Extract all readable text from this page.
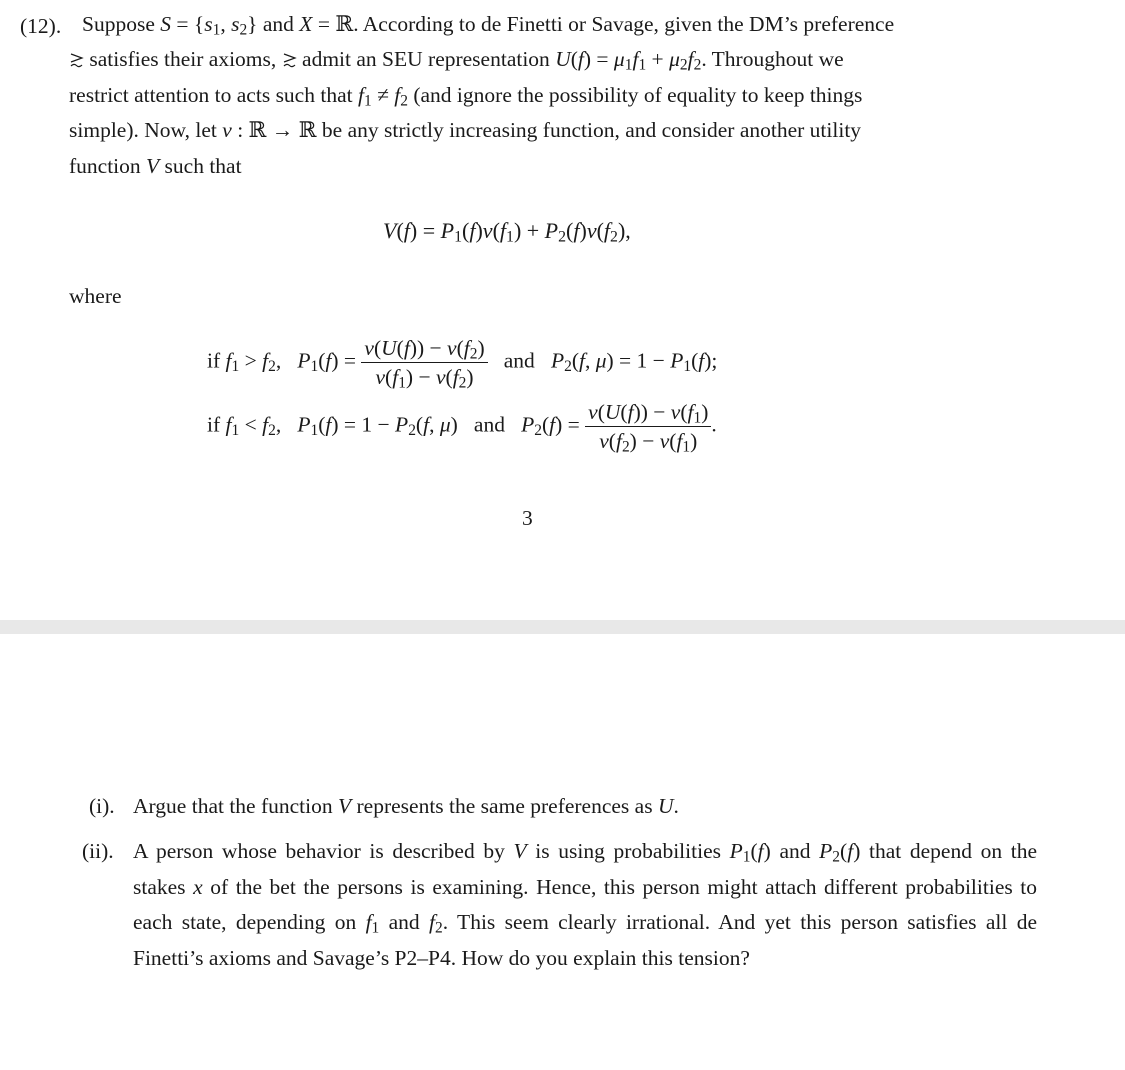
(12). Suppose $S = \{s_1$, $s_2$} and X = ℝ. According to de Finetti or Savage, given the DM’s preference
satisfies their axioms, admit an SEU representation $U(f) = \mu_1f_1 + \mu_2f_2$. Throughout we
restrict attention to acts such that $f_1 \ne f_2$ (and ignore the possibility of equality to keep things
simple). Now, let v : ℝ → ℝ be any strictly increasing function, and consider another utility
function V such that
$V(f) = P_1(f)v(f_1) + P_2(f)v(f_2)$,
where
if $f_1 > f_2$,   $P_1(f) = \frac{v(U(f)) - v(f_2)}{v(f_1) - v(f_2)}$ and $P_2(f$, $\mu) = 1 - P_1(f)$;
if $f_1 < f_2$,   $P_1(f) = 1 - P_2(f$, μ)   and $P_2(f) = \frac{v(U(f)) - v(f_1)}{v(f_2) - v(f_1)}$ .
3
(i). Argue that the function V represents the same preferences as U.
(ii). A person whose behavior is described by V is using probabilities $P_1(f)$ and $P_2(f)$ that depend on the stakes x of the bet the persons is examining. Hence, this person might attach different probabilities to each state, depending on $f_1$ and $f_2$. This seem clearly irrational. And yet this person satisfies all de Finetti’s axioms and Savage’s P2–P4. How do you explain this tension?
